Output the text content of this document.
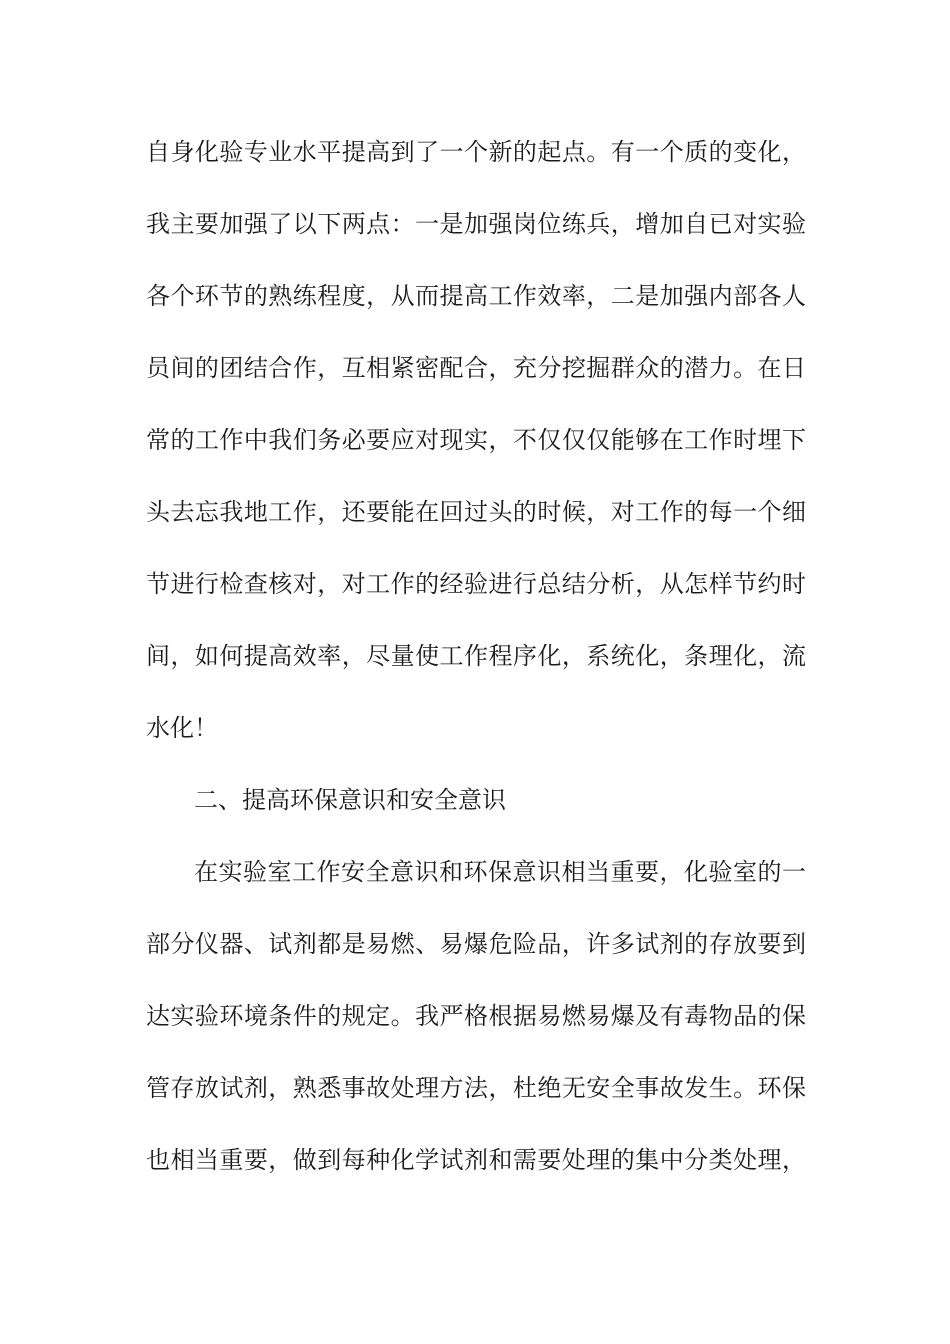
自身化验专业水平提高到了一个新的起点。有一个质的变化，
我主要加强了以下两点：一是加强岗位练兵，增加自已对实验
各个环节的熟练程度，从而提高工作效率，二是加强内部各人
员间的团结合作，互相紧密配合，充分挖掘群众的潜力。在日
常的工作中我们务必要应对现实，不仅仅仅能够在工作时埋下
头去忘我地工作，还要能在回过头的时候，对工作的每一个细
节进行检查核对，对工作的经验进行总结分析，从怎样节约时
间，如何提高效率，尽量使工作程序化，系统化，条理化，流
水化！
二、提高环保意识和安全意识
在实验室工作安全意识和环保意识相当重要，化验室的一
部分仪器、试剂都是易燃、易爆危险品，许多试剂的存放要到
达实验环境条件的规定。我严格根据易燃易爆及有毒物品的保
管存放试剂，熟悉事故处理方法，杜绝无安全事故发生。环保
也相当重要，做到每种化学试剂和需要处理的集中分类处理，
